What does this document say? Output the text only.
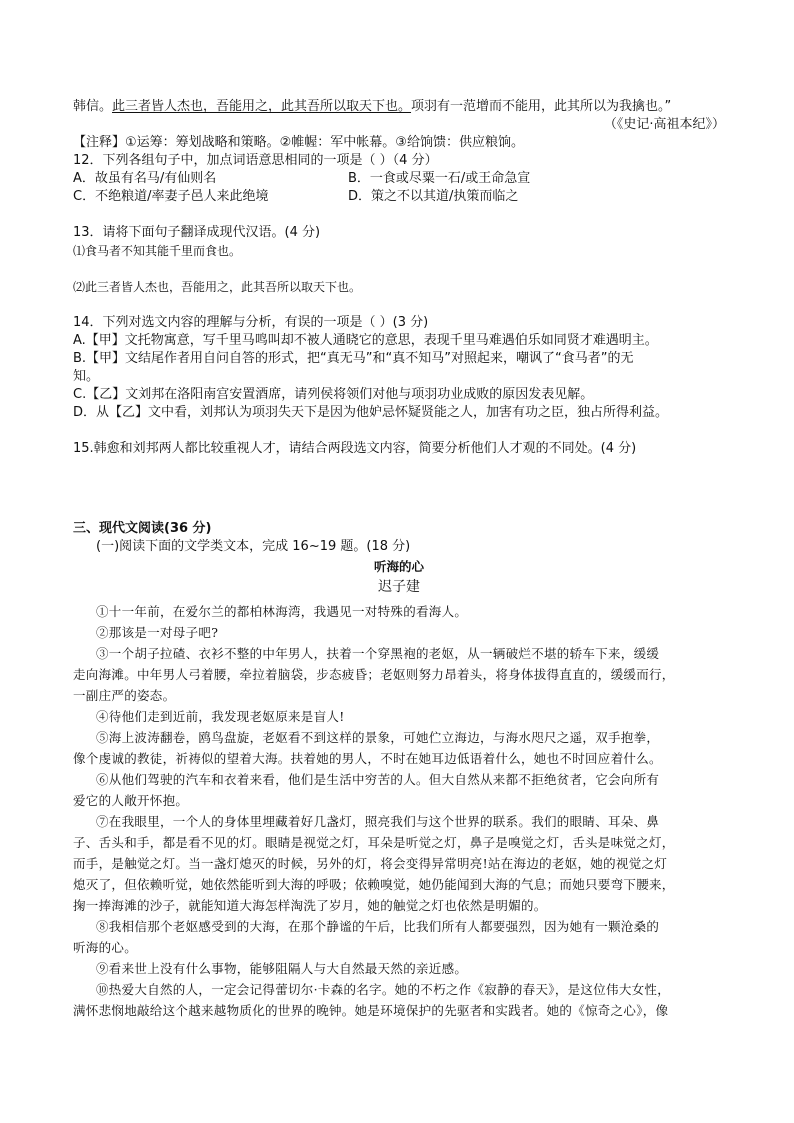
韩信。此三者皆人杰也，吾能用之，此其吾所以取天下也。项羽有一范增而不能用，此其所以为我擒也。”
（《史记·高祖本纪》）
【注释】①运筹：筹划战略和策略。②帷幄：军中帐幕。③给饷馈：供应粮饷。
12．下列各组句子中，加点词语意思相同的一项是（ ）（4 分）
A．故虽有名马/有仙则名	B．一食或尽粟一石/或王命急宣
C．不绝粮道/率妻子邑人来此绝境	D．策之不以其道/执策而临之
13．请将下面句子翻译成现代汉语。(4 分)
⑴食马者不知其能千里而食也。
⑵此三者皆人杰也，吾能用之，此其吾所以取天下也。
14．下列对选文内容的理解与分析，有误的一项是（ ）(3 分)
A.【甲】文托物寓意，写千里马鸣叫却不被人通晓它的意思，表现千里马难遇伯乐如同贤才难遇明主。
B.【甲】文结尾作者用自问自答的形式，把“真无马”和“真不知马”对照起来，嘲讽了“食马者”的无
知。
C.【乙】文刘邦在洛阳南宫安置酒席，请列侯将领们对他与项羽功业成败的原因发表见解。
D．从【乙】文中看，刘邦认为项羽失天下是因为他妒忌怀疑贤能之人，加害有功之臣，独占所得利益。
15.韩愈和刘邦两人都比较重视人才，请结合两段选文内容，简要分析他们人才观的不同处。(4 分)
三、现代文阅读(36 分)
(一)阅读下面的文学类文本，完成 16~19 题。(18 分)
听海的心
迟子建
①十一年前，在爱尔兰的都柏林海湾，我遇见一对特殊的看海人。
②那该是一对母子吧?
③一个胡子拉碴、衣衫不整的中年男人，扶着一个穿黑袍的老妪，从一辆破烂不堪的轿车下来，缓缓
走向海滩。中年男人弓着腰，牵拉着脑袋，步态疲昏；老妪则努力昂着头，将身体拔得直直的，缓缓而行，
一副庄严的姿态。
④待他们走到近前，我发现老妪原来是盲人!
⑤海上波涛翻卷，鸥鸟盘旋，老妪看不到这样的景象，可她伫立海边，与海水咫尺之遥，双手抱拳，
像个虔诚的教徒，祈祷似的望着大海。扶着她的男人，不时在她耳边低语着什么，她也不时回应着什么。
⑥从他们驾驶的汽车和衣着来看，他们是生活中穷苦的人。但大自然从来都不拒绝贫者，它会向所有
爱它的人敞开怀抱。
⑦在我眼里，一个人的身体里埋藏着好几盏灯，照亮我们与这个世界的联系。我们的眼睛、耳朵、鼻
子、舌头和手，都是看不见的灯。眼睛是视觉之灯，耳朵是听觉之灯，鼻子是嗅觉之灯，舌头是味觉之灯，
而手，是触觉之灯。当一盏灯熄灭的时候，另外的灯，将会变得异常明亮!站在海边的老妪，她的视觉之灯
熄灭了，但依赖听觉，她依然能听到大海的呼吸；依赖嗅觉，她仍能闻到大海的气息；而她只要弯下腰来，
掬一捧海滩的沙子，就能知道大海怎样淘洗了岁月，她的触觉之灯也依然是明媚的。
⑧我相信那个老妪感受到的大海，在那个静谧的午后，比我们所有人都要强烈，因为她有一颗沧桑的
听海的心。
⑨看来世上没有什么事物，能够阻隔人与大自然最天然的亲近感。
⑩热爱大自然的人，一定会记得蕾切尔·卡森的名字。她的不朽之作《寂静的春天》，是这位伟大女性，
满怀悲悯地敲给这个越来越物质化的世界的晚钟。她是环境保护的先驱者和实践者。她的《惊奇之心》，像
